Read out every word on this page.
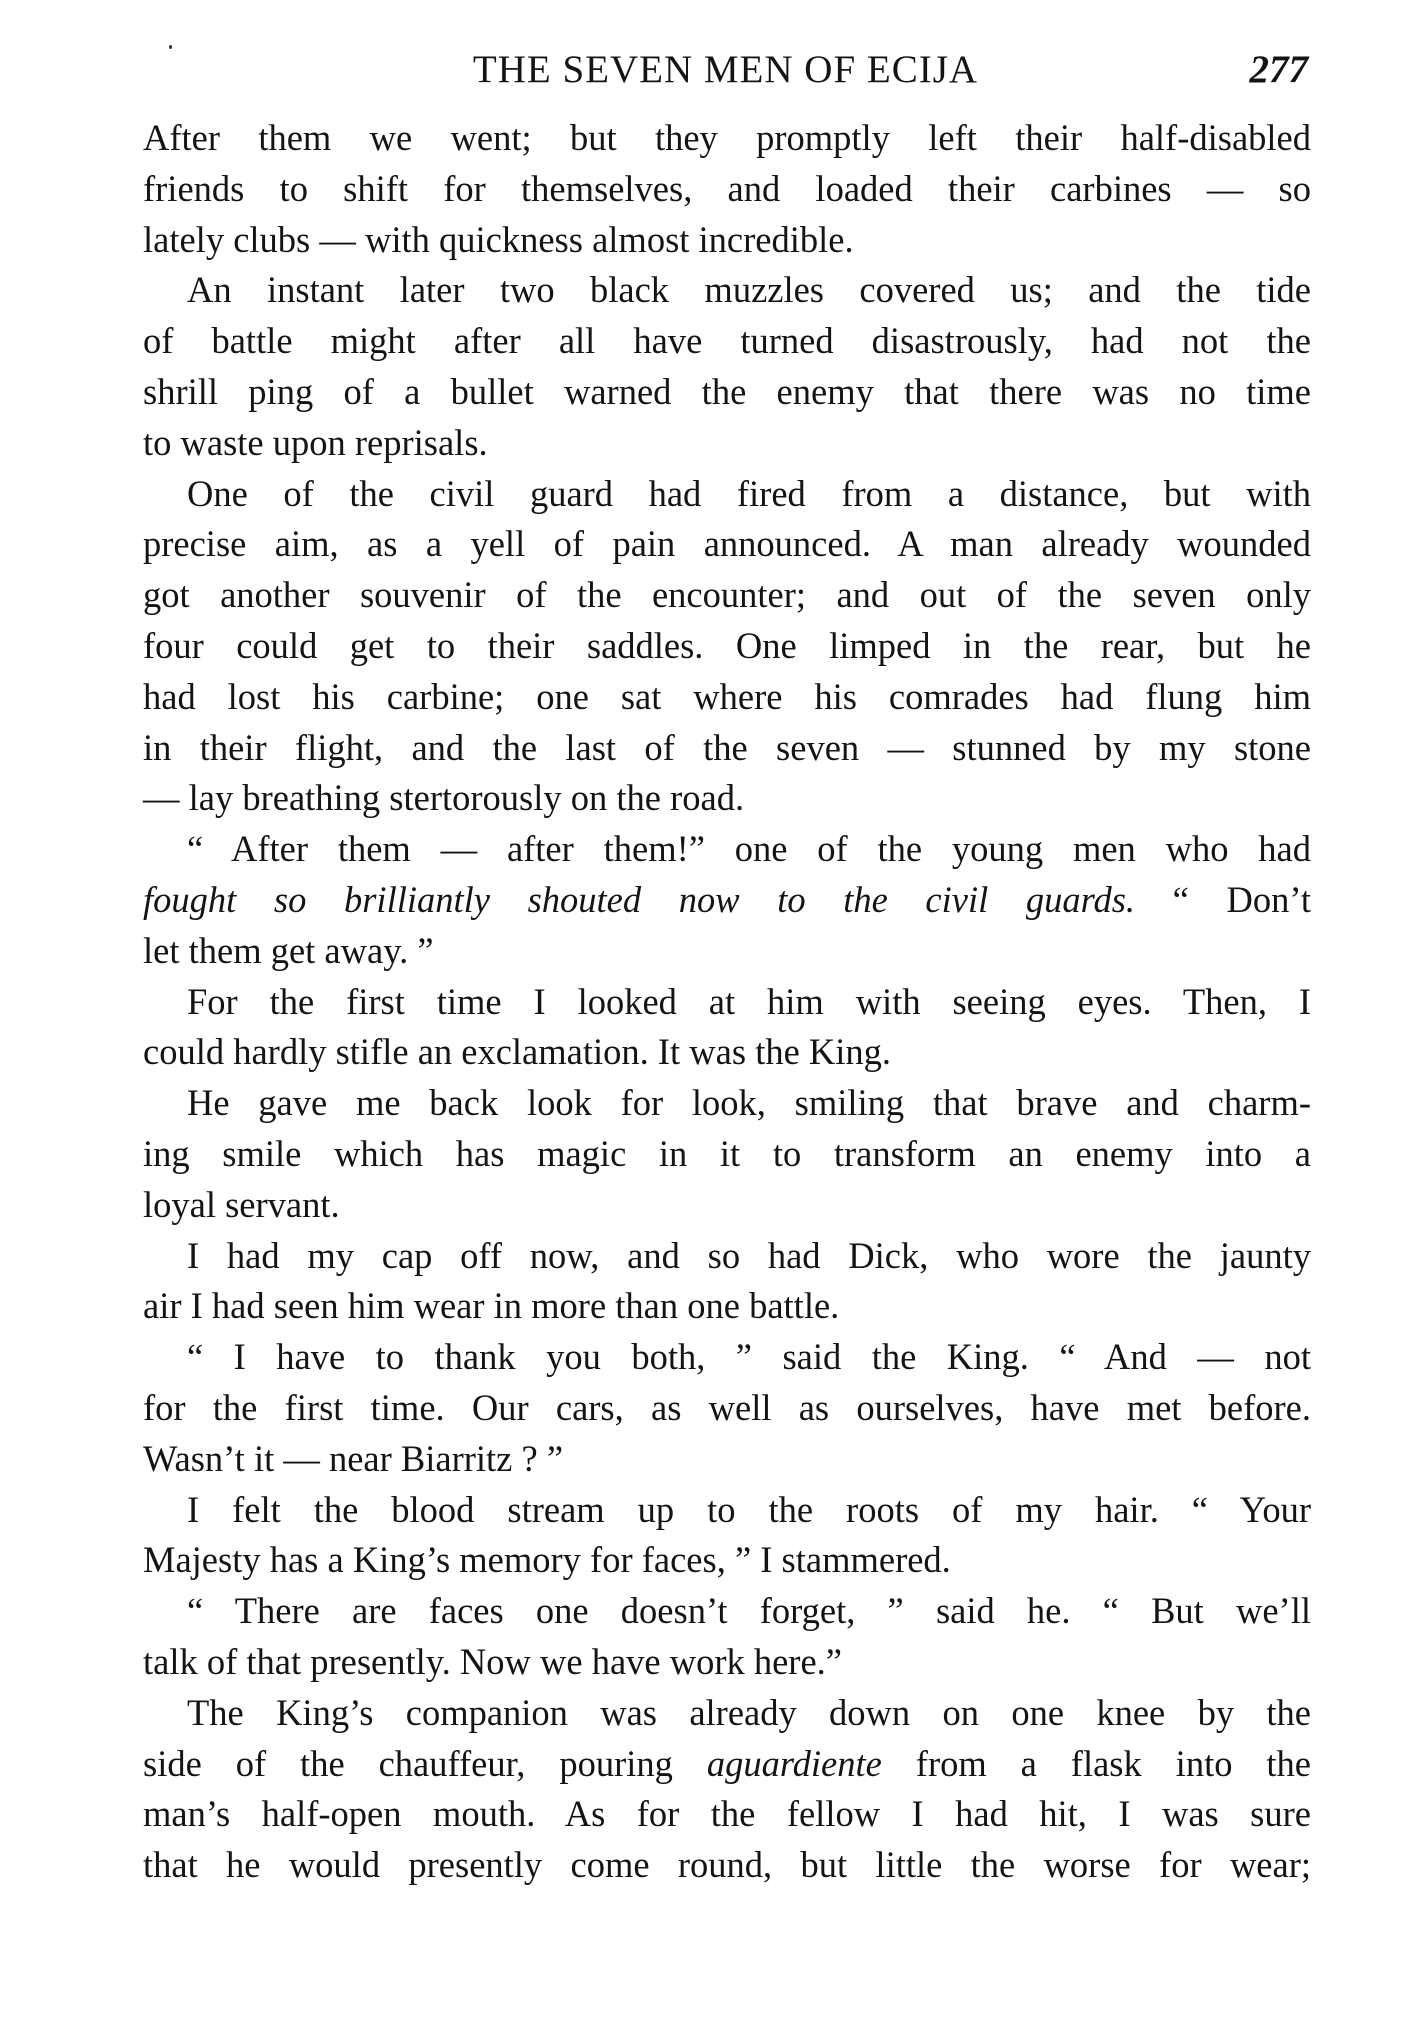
THE SEVEN MEN OF ECIJA	277
After them we went; but they promptly left their half-disabled
friends to shift for themselves, and loaded their carbines — so
lately clubs — with quickness almost incredible.
An instant later two black muzzles covered us; and the tide
of battle might after all have turned disastrously, had not the
shrill ping of a bullet warned the enemy that there was no time
to waste upon reprisals.
One of the civil guard had fired from a distance, but with
precise aim, as a yell of pain announced. A man already wounded
got another souvenir of the encounter; and out of the seven only
four could get to their saddles. One limped in the rear, but he
had lost his carbine; one sat where his comrades had flung him
in their flight, and the last of the seven — stunned by my stone
— lay breathing stertorously on the road.
“ After them — after them!” one of the young men who had
fought so brilliantly shouted now to the civil guards. “ Don’t
let them get away. ”
For the first time I looked at him with seeing eyes. Then, I
could hardly stifle an exclamation. It was the King.
He gave me back look for look, smiling that brave and charm-
ing smile which has magic in it to transform an enemy into a
loyal servant.
I had my cap off now, and so had Dick, who wore the jaunty
air I had seen him wear in more than one battle.
“ I have to thank you both, ” said the King. “ And — not
for the first time. Our cars, as well as ourselves, have met before.
Wasn’t it — near Biarritz ? ”
I felt the blood stream up to the roots of my hair. “ Your
Majesty has a King’s memory for faces, ” I stammered.
“ There are faces one doesn’t forget, ” said he. “ But we’ll
talk of that presently. Now we have work here.”
The King’s companion was already down on one knee by the
side of the chauffeur, pouring aguardiente from a flask into the
man’s half-open mouth. As for the fellow I had hit, I was sure
that he would presently come round, but little the worse for wear;
